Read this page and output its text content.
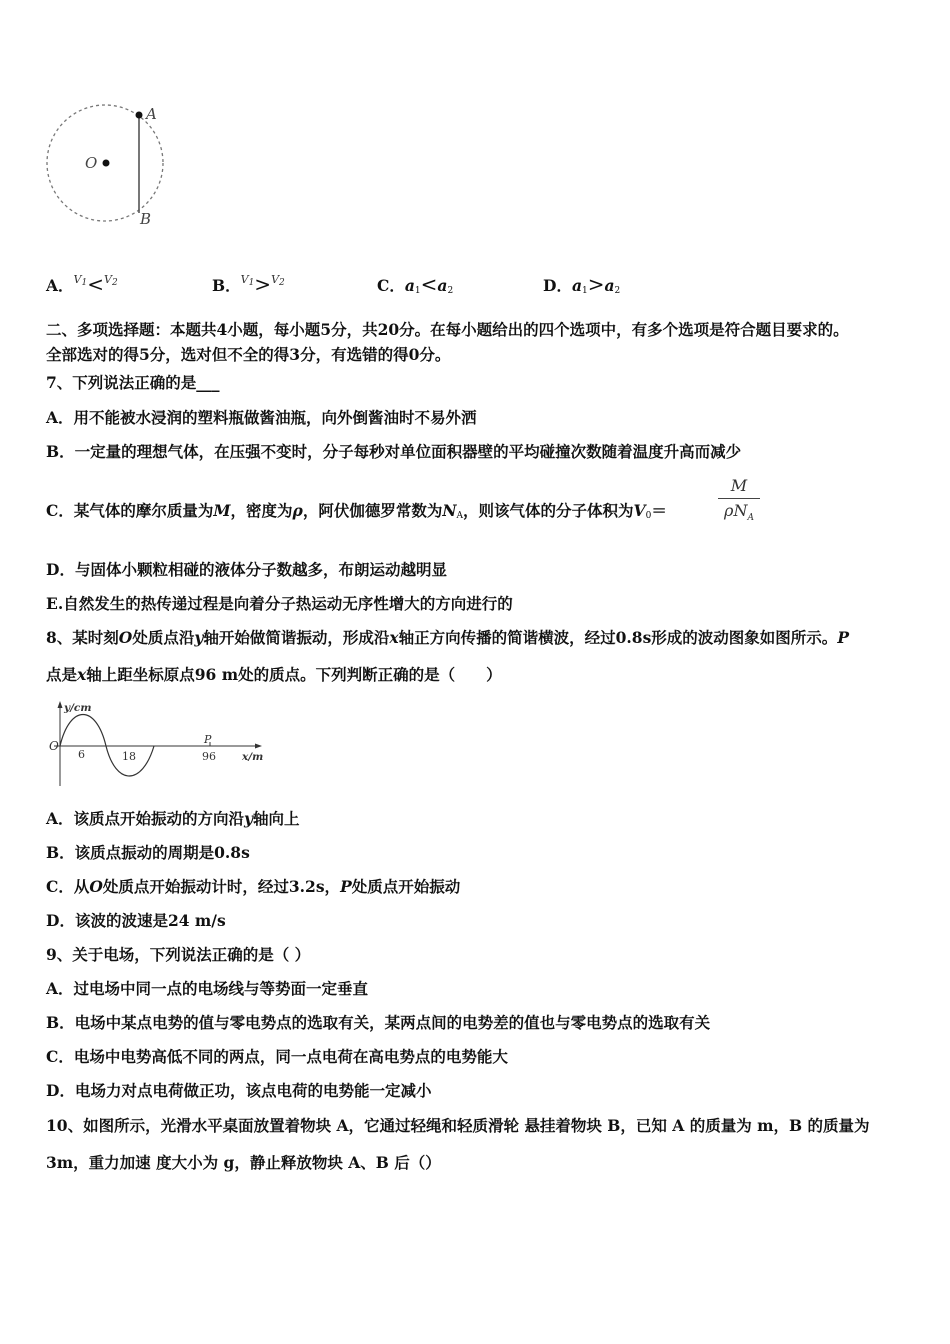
A
B
O
A．$^{V_1}$<$^{V_2}$	B．$^{V_1}$>$^{V_2}$	C．$a_1<a_2$	D．$a_1>a_2$
二、多项选择题：本题共4小题，每小题5分，共20分。在每小题给出的四个选项中，有多个选项是符合题目要求的。
全部选对的得5分，选对但不全的得3分，有选错的得0分。
7、下列说法正确的是___
A．用不能被水浸润的塑料瓶做酱油瓶，向外倒酱油时不易外洒
B．一定量的理想气体，在压强不变时，分子每秒对单位面积器壁的平均碰撞次数随着温度升高而减少
C．某气体的摩尔质量为M，密度为ρ，阿伏伽德罗常数为$N_A$，则该气体的分子体积为$V_0=$
M
$\rho N_A$
D．与固体小颗粒相碰的液体分子数越多，布朗运动越明显
E.自然发生的热传递过程是向着分子热运动无序性增大的方向进行的
8、某时刻O处质点沿y轴开始做简谐振动，形成沿x轴正方向传播的简谐横波，经过0.8s形成的波动图象如图所示。P
点是x轴上距坐标原点96 m处的质点。下列判断正确的是（　　）
y/cm
O
6	18
P
96 x/m
A．该质点开始振动的方向沿y轴向上
B．该质点振动的周期是0.8s
C．从O处质点开始振动计时，经过3.2s，P处质点开始振动
D．该波的波速是24 m/s
9、关于电场，下列说法正确的是（ ）
A．过电场中同一点的电场线与等势面一定垂直
B．电场中某点电势的值与零电势点的选取有关，某两点间的电势差的值也与零电势点的选取有关
C．电场中电势高低不同的两点，同一点电荷在高电势点的电势能大
D．电场力对点电荷做正功，该点电荷的电势能一定减小
10、如图所示，光滑水平桌面放置着物块 A，它通过轻绳和轻质滑轮 悬挂着物块 B，已知 A 的质量为 m，B 的质量为
3m，重力加速 度大小为 g，静止释放物块 A、B 后（）
